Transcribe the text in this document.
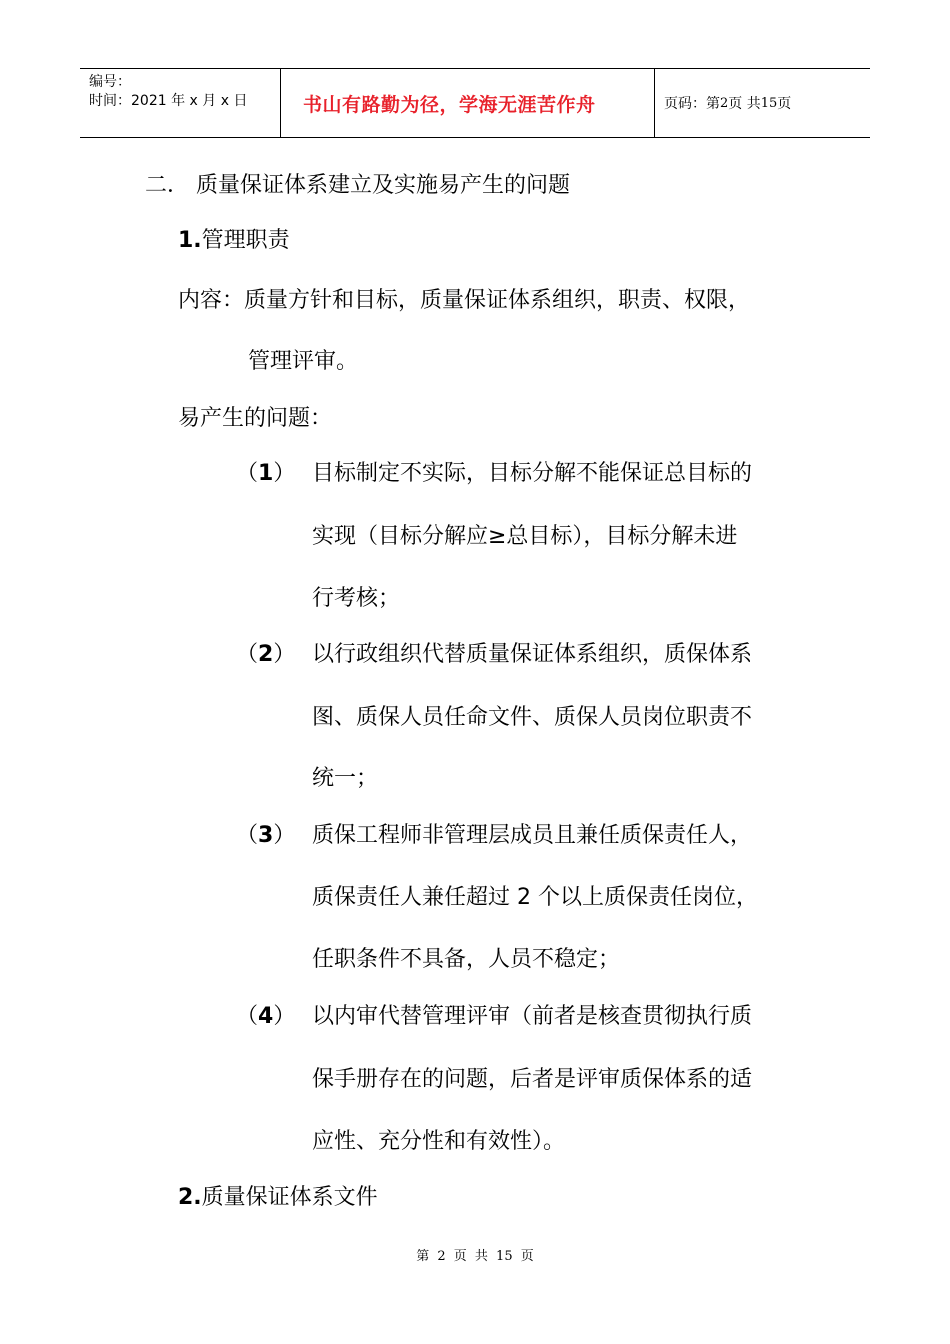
编号：
时间：2021 年 x 月 x 日	书山有路勤为径，学海无涯苦作舟	页码：第 2 页 共 15 页
二． 质量保证体系建立及实施易产生的问题
1.管理职责
内容：质量方针和目标，质量保证体系组织，职责、权限，
管理评审。
易产生的问题：
（1） 目标制定不实际，目标分解不能保证总目标的
实现（目标分解应≥总目标），目标分解未进
行考核；
（2） 以行政组织代替质量保证体系组织，质保体系
图、质保人员任命文件、质保人员岗位职责不
统一；
（3） 质保工程师非管理层成员且兼任质保责任人，
质保责任人兼任超过 2 个以上质保责任岗位，
任职条件不具备，人员不稳定；
（4） 以内审代替管理评审（前者是核查贯彻执行质
保手册存在的问题，后者是评审质保体系的适
应性、充分性和有效性）。
2.质量保证体系文件
第 2 页 共 15 页
